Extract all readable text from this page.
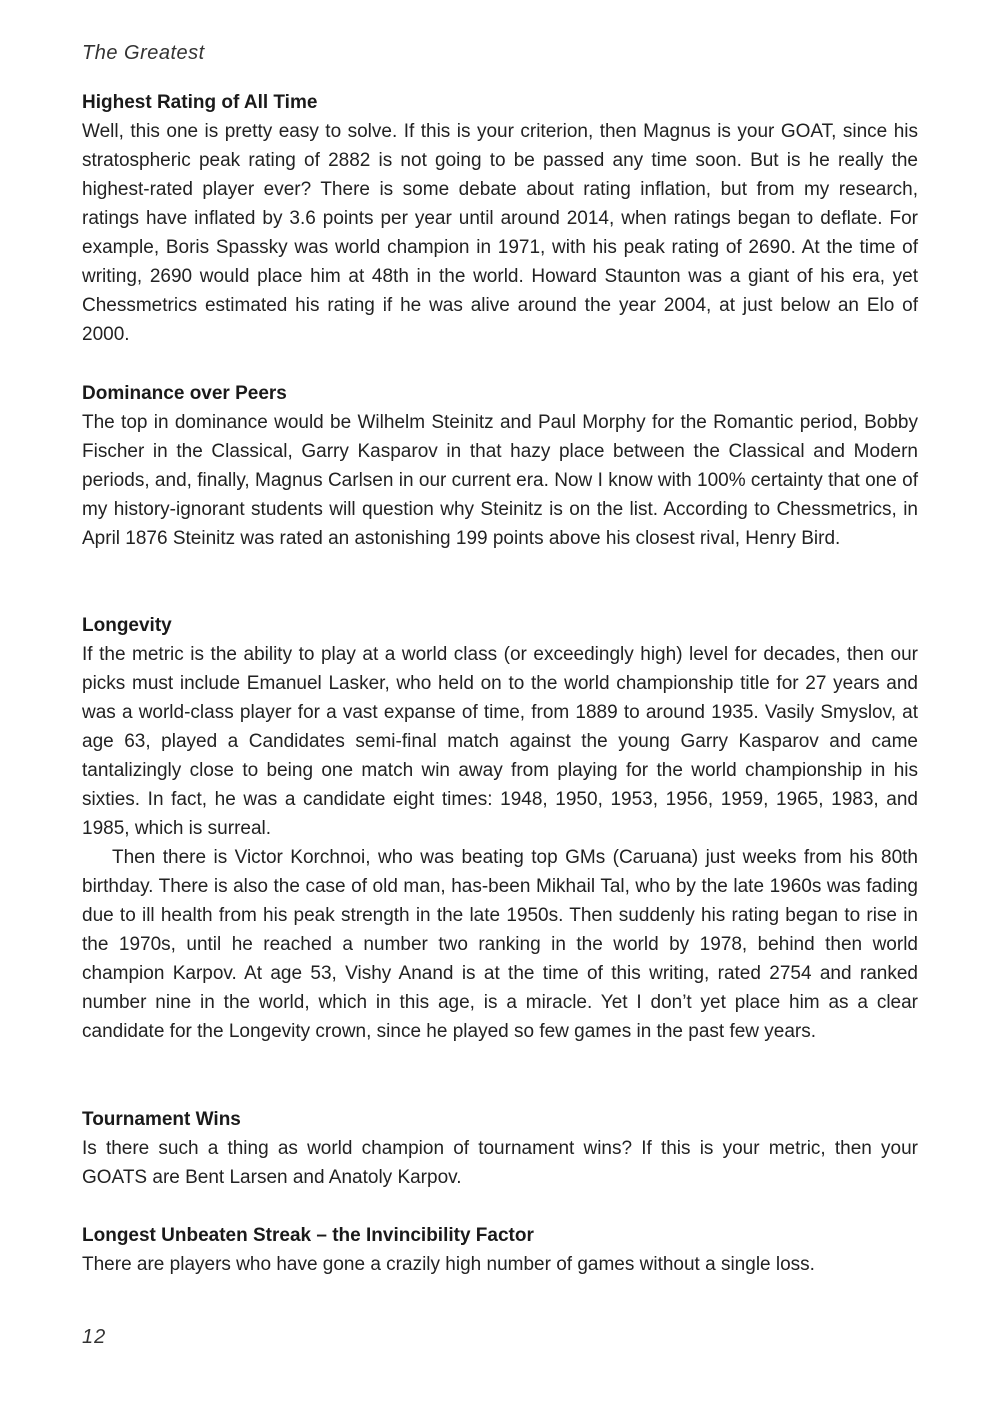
The Greatest
Highest Rating of All Time

Well, this one is pretty easy to solve. If this is your criterion, then Magnus is your GOAT, since his stratospheric peak rating of 2882 is not going to be passed any time soon. But is he really the highest-rated player ever? There is some debate about rating inflation, but from my research, ratings have inflated by 3.6 points per year until around 2014, when ratings began to deflate. For example, Boris Spassky was world champion in 1971, with his peak rating of 2690. At the time of writing, 2690 would place him at 48th in the world. Howard Staunton was a giant of his era, yet Chessmetrics estimated his rating if he was alive around the year 2004, at just below an Elo of 2000.

Dominance over Peers

The top in dominance would be Wilhelm Steinitz and Paul Morphy for the Romantic period, Bobby Fischer in the Classical, Garry Kasparov in that hazy place between the Classical and Modern periods, and, finally, Magnus Carlsen in our current era. Now I know with 100% certainty that one of my history-ignorant students will question why Steinitz is on the list. According to Chessmetrics, in April 1876 Steinitz was rated an astonishing 199 points above his closest rival, Henry Bird.

Longevity

If the metric is the ability to play at a world class (or exceedingly high) level for decades, then our picks must include Emanuel Lasker, who held on to the world championship title for 27 years and was a world-class player for a vast expanse of time, from 1889 to around 1935. Vasily Smyslov, at age 63, played a Candidates semi-final match against the young Garry Kasparov and came tantalizingly close to being one match win away from playing for the world championship in his sixties. In fact, he was a candidate eight times: 1948, 1950, 1953, 1956, 1959, 1965, 1983, and 1985, which is surreal.

Then there is Victor Korchnoi, who was beating top GMs (Caruana) just weeks from his 80th birthday. There is also the case of old man, has-been Mikhail Tal, who by the late 1960s was fading due to ill health from his peak strength in the late 1950s. Then suddenly his rating began to rise in the 1970s, until he reached a number two ranking in the world by 1978, behind then world champion Karpov. At age 53, Vishy Anand is at the time of this writing, rated 2754 and ranked number nine in the world, which in this age, is a miracle. Yet I don’t yet place him as a clear candidate for the Longevity crown, since he played so few games in the past few years.

Tournament Wins

Is there such a thing as world champion of tournament wins? If this is your metric, then your GOATS are Bent Larsen and Anatoly Karpov.

Longest Unbeaten Streak – the Invincibility Factor

There are players who have gone a crazily high number of games without a single loss.

12
